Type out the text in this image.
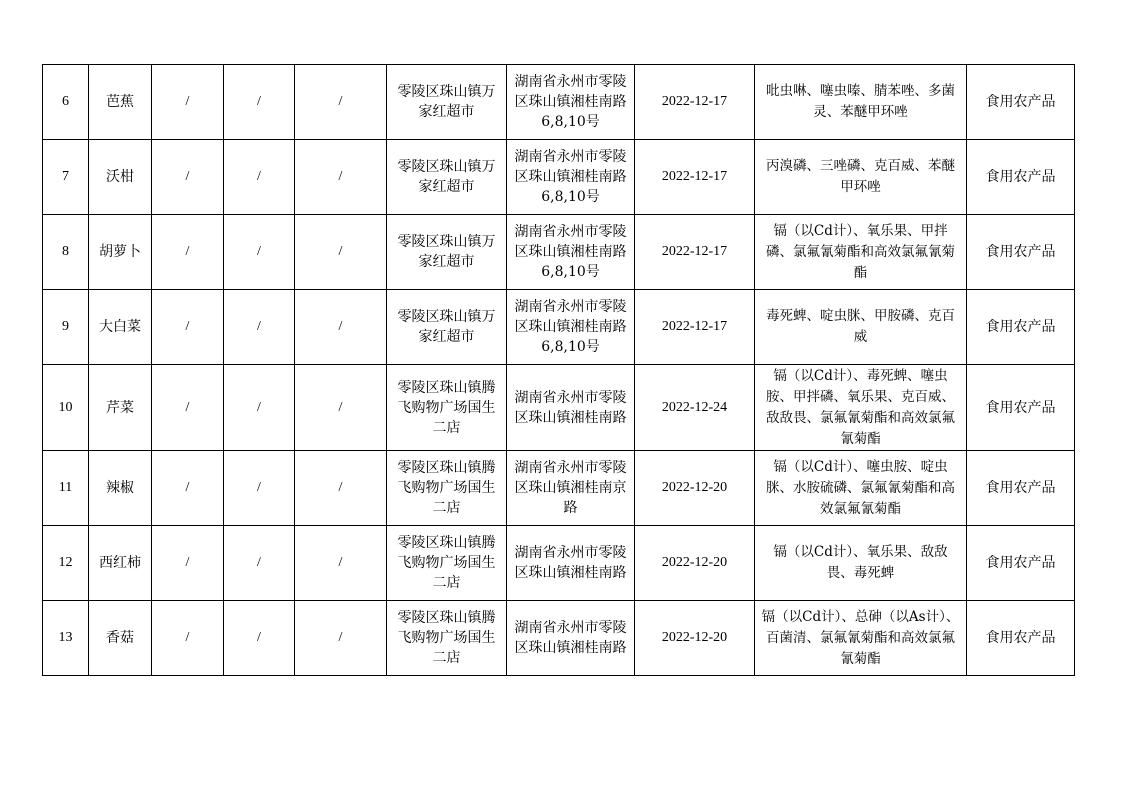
6	芭蕉	/	/	/	零陵区珠山镇万家红超市	湖南省永州市零陵区珠山镇湘桂南路6,8,10号	2022-12-17	吡虫啉、噻虫嗪、腈苯唑、多菌灵、苯醚甲环唑	食用农产品
7	沃柑	/	/	/	零陵区珠山镇万家红超市	湖南省永州市零陵区珠山镇湘桂南路6,8,10号	2022-12-17	丙溴磷、三唑磷、克百威、苯醚甲环唑	食用农产品
8	胡萝卜	/	/	/	零陵区珠山镇万家红超市	湖南省永州市零陵区珠山镇湘桂南路6,8,10号	2022-12-17	镉（以Cd计）、氧乐果、甲拌磷、氯氟氰菊酯和高效氯氟氰菊酯	食用农产品
9	大白菜	/	/	/	零陵区珠山镇万家红超市	湖南省永州市零陵区珠山镇湘桂南路6,8,10号	2022-12-17	毒死蜱、啶虫脒、甲胺磷、克百威	食用农产品
10	芹菜	/	/	/	零陵区珠山镇腾飞购物广场国生二店	湖南省永州市零陵区珠山镇湘桂南路	2022-12-24	镉（以Cd计）、毒死蜱、噻虫胺、甲拌磷、氧乐果、克百威、敌敌畏、氯氟氰菊酯和高效氯氟氰菊酯	食用农产品
11	辣椒	/	/	/	零陵区珠山镇腾飞购物广场国生二店	湖南省永州市零陵区珠山镇湘桂南京路	2022-12-20	镉（以Cd计）、噻虫胺、啶虫脒、水胺硫磷、氯氟氰菊酯和高效氯氟氰菊酯	食用农产品
12	西红柿	/	/	/	零陵区珠山镇腾飞购物广场国生二店	湖南省永州市零陵区珠山镇湘桂南路	2022-12-20	镉（以Cd计）、氧乐果、敌敌畏、毒死蜱	食用农产品
13	香菇	/	/	/	零陵区珠山镇腾飞购物广场国生二店	湖南省永州市零陵区珠山镇湘桂南路	2022-12-20	镉（以Cd计）、总砷（以As计）、百菌清、氯氟氰菊酯和高效氯氟氰菊酯	食用农产品
